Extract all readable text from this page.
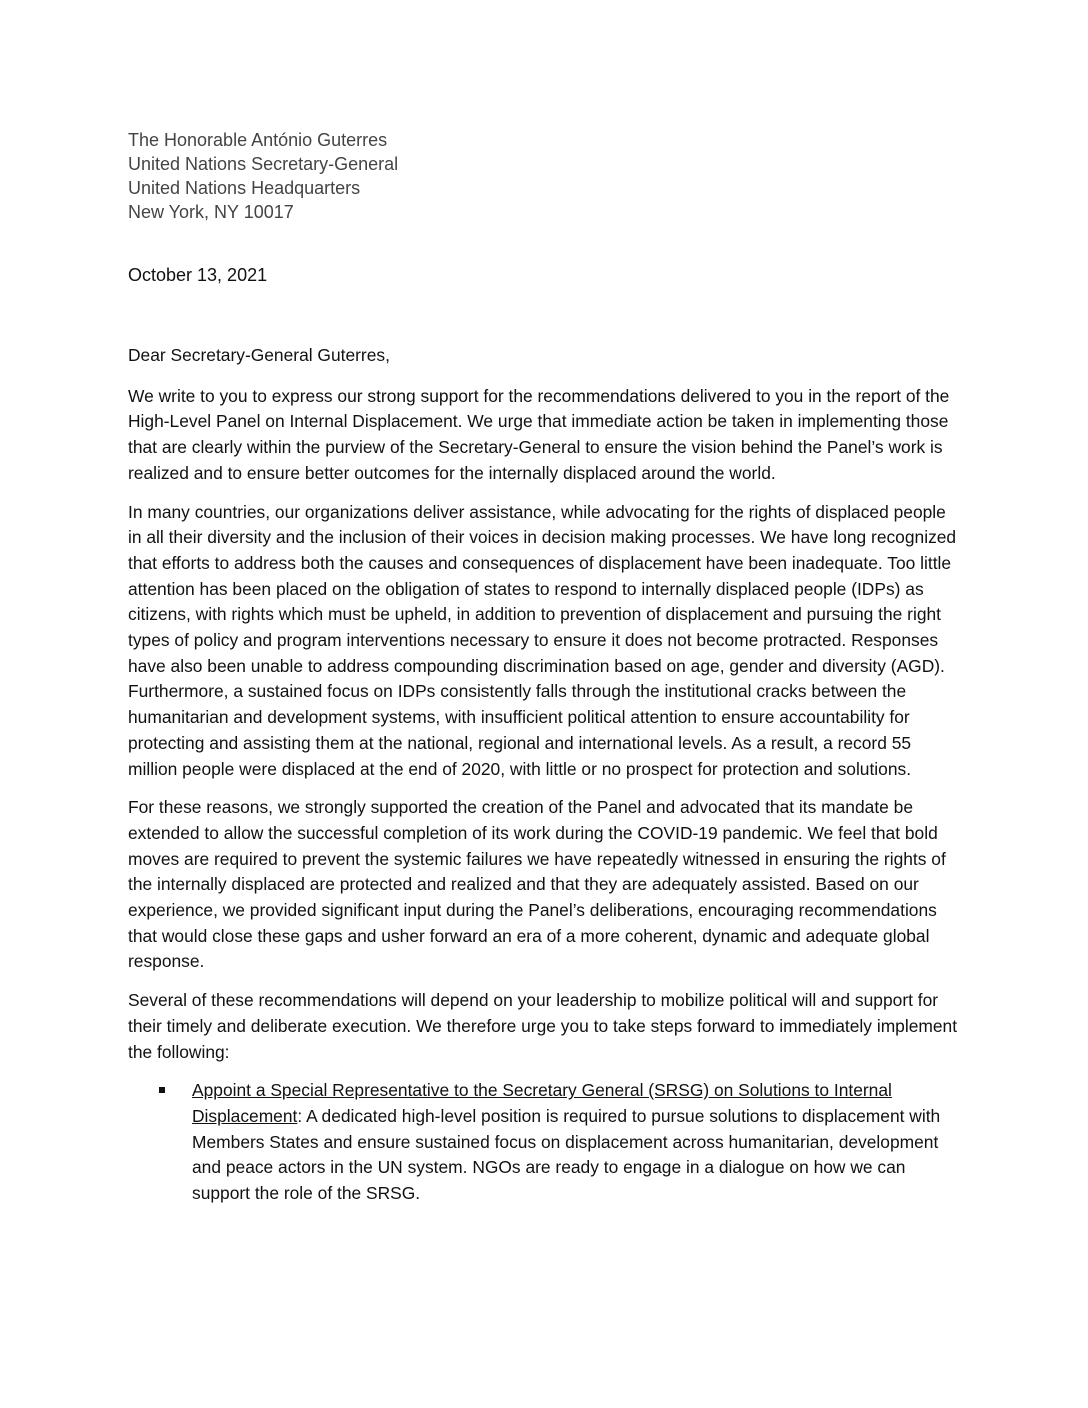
The Honorable António Guterres
United Nations Secretary-General
United Nations Headquarters
New York, NY 10017
October 13, 2021

Dear Secretary-General Guterres,

We write to you to express our strong support for the recommendations delivered to you in the report of the High-Level Panel on Internal Displacement. We urge that immediate action be taken in implementing those that are clearly within the purview of the Secretary-General to ensure the vision behind the Panel’s work is realized and to ensure better outcomes for the internally displaced around the world.

In many countries, our organizations deliver assistance, while advocating for the rights of displaced people in all their diversity and the inclusion of their voices in decision making processes. We have long recognized that efforts to address both the causes and consequences of displacement have been inadequate. Too little attention has been placed on the obligation of states to respond to internally displaced people (IDPs) as citizens, with rights which must be upheld, in addition to prevention of displacement and pursuing the right types of policy and program interventions necessary to ensure it does not become protracted. Responses have also been unable to address compounding discrimination based on age, gender and diversity (AGD). Furthermore, a sustained focus on IDPs consistently falls through the institutional cracks between the humanitarian and development systems, with insufficient political attention to ensure accountability for protecting and assisting them at the national, regional and international levels. As a result, a record 55 million people were displaced at the end of 2020, with little or no prospect for protection and solutions.

For these reasons, we strongly supported the creation of the Panel and advocated that its mandate be extended to allow the successful completion of its work during the COVID-19 pandemic. We feel that bold moves are required to prevent the systemic failures we have repeatedly witnessed in ensuring the rights of the internally displaced are protected and realized and that they are adequately assisted. Based on our experience, we provided significant input during the Panel’s deliberations, encouraging recommendations that would close these gaps and usher forward an era of a more coherent, dynamic and adequate global response.

Several of these recommendations will depend on your leadership to mobilize political will and support for their timely and deliberate execution. We therefore urge you to take steps forward to immediately implement the following:

Appoint a Special Representative to the Secretary General (SRSG) on Solutions to Internal Displacement: A dedicated high-level position is required to pursue solutions to displacement with Members States and ensure sustained focus on displacement across humanitarian, development and peace actors in the UN system. NGOs are ready to engage in a dialogue on how we can support the role of the SRSG.
